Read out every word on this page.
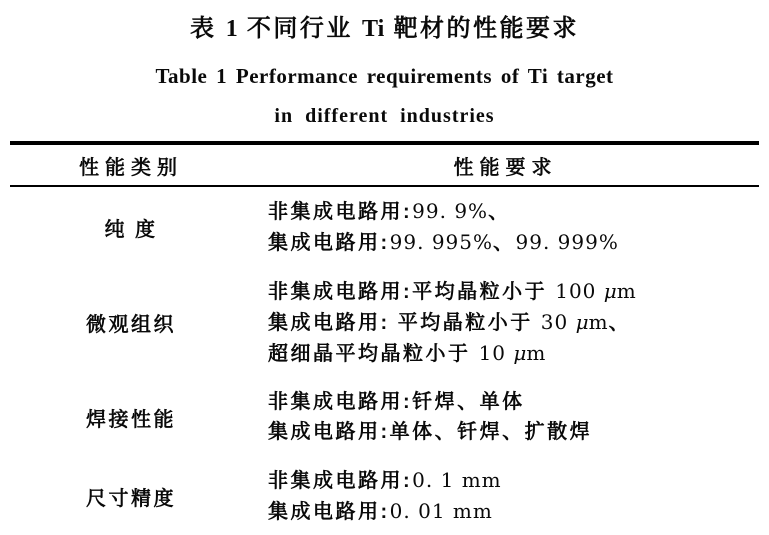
表 1 不同行业 Ti 靶材的性能要求
Table 1 Performance requirements of Ti target
in different industries
性能类别	性能要求
纯 度
非集成电路用:99. 9%、
集成电路用:99. 995%、99. 999%
微观组织
非集成电路用:平均晶粒小于 100 μm
集成电路用: 平均晶粒小于 30 μm、
超细晶平均晶粒小于 10 μm
焊接性能
非集成电路用:钎焊、单体
集成电路用:单体、钎焊、扩散焊
尺寸精度
非集成电路用:0. 1 mm
集成电路用:0. 01 mm
